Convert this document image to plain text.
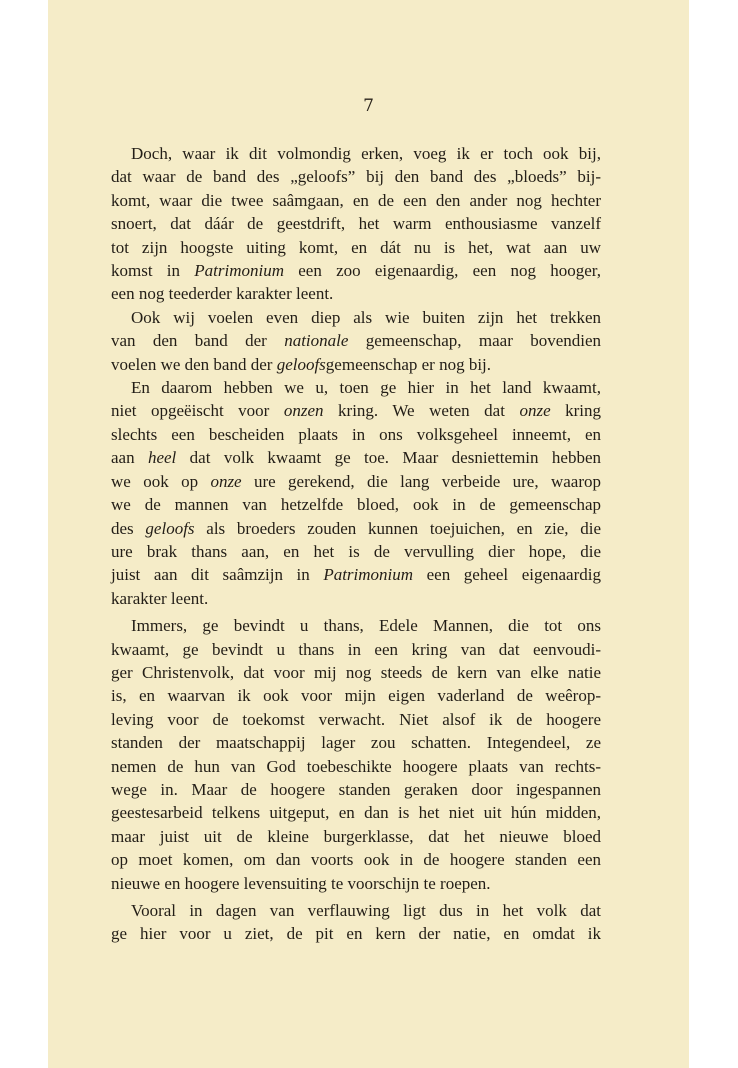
7
Doch, waar ik dit volmondig erken, voeg ik er toch ook bij,
dat waar de band des „geloofs” bij den band des „bloeds” bij-
komt, waar die twee saâmgaan, en de een den ander nog hechter
snoert, dat dáár de geestdrift, het warm enthousiasme vanzelf
tot zijn hoogste uiting komt, en dát nu is het, wat aan uw
komst in Patrimonium een zoo eigenaardig, een nog hooger,
een nog teederder karakter leent.
Ook wij voelen even diep als wie buiten zijn het trekken
van den band der nationale gemeenschap, maar bovendien
voelen we den band der geloofsgemeenschap er nog bij.
En daarom hebben we u, toen ge hier in het land kwaamt,
niet opgeëischt voor onzen kring. We weten dat onze kring
slechts een bescheiden plaats in ons volksgeheel inneemt, en
aan heel dat volk kwaamt ge toe. Maar desniettemin hebben
we ook op onze ure gerekend, die lang verbeide ure, waarop
we de mannen van hetzelfde bloed, ook in de gemeenschap
des geloofs als broeders zouden kunnen toejuichen, en zie, die
ure brak thans aan, en het is de vervulling dier hope, die
juist aan dit saâmzijn in Patrimonium een geheel eigenaardig
karakter leent.
Immers, ge bevindt u thans, Edele Mannen, die tot ons
kwaamt, ge bevindt u thans in een kring van dat eenvoudi-
ger Christenvolk, dat voor mij nog steeds de kern van elke natie
is, en waarvan ik ook voor mijn eigen vaderland de weêrop-
leving voor de toekomst verwacht. Niet alsof ik de hoogere
standen der maatschappij lager zou schatten. Integendeel, ze
nemen de hun van God toebeschikte hoogere plaats van rechts-
wege in. Maar de hoogere standen geraken door ingespannen
geestesarbeid telkens uitgeput, en dan is het niet uit hún midden,
maar juist uit de kleine burgerklasse, dat het nieuwe bloed
op moet komen, om dan voorts ook in de hoogere standen een
nieuwe en hoogere levensuiting te voorschijn te roepen.
Vooral in dagen van verflauwing ligt dus in het volk dat
ge hier voor u ziet, de pit en kern der natie, en omdat ik
